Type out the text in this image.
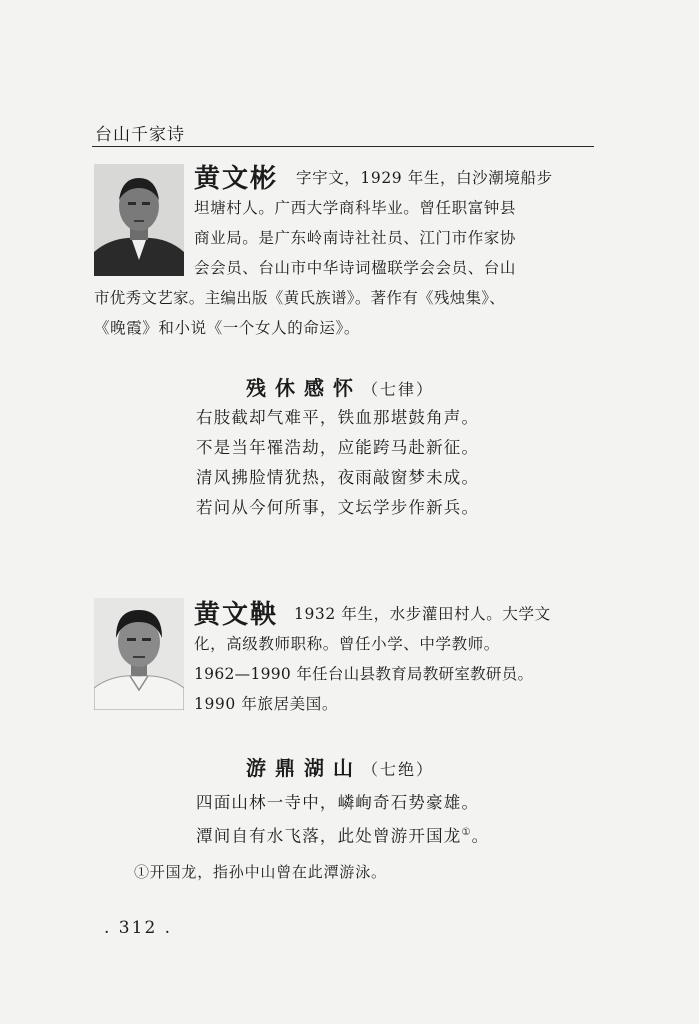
台山千家诗
黄文彬 字宇文，1929 年生，白沙潮境船步
坦塘村人。广西大学商科毕业。曾任职富钟县
商业局。是广东岭南诗社社员、江门市作家协
会会员、台山市中华诗词楹联学会会员、台山
市优秀文艺家。主编出版《黄氏族谱》。著作有《残烛集》、
《晚霞》和小说《一个女人的命运》。
残休感怀（七律）
右肢截却气难平，铁血那堪鼓角声。
不是当年罹浩劫，应能跨马赴新征。
清风拂脸情犹热，夜雨敲窗梦未成。
若问从今何所事，文坛学步作新兵。
黄文鞅 1932 年生，水步灌田村人。大学文
化，高级教师职称。曾任小学、中学教师。
1962—1990 年任台山县教育局教研室教研员。
1990 年旅居美国。
游鼎湖山（七绝）
四面山林一寺中，嶙峋奇石势豪雄。
潭间自有水飞落，此处曾游开国龙①。
①开国龙，指孙中山曾在此潭游泳。
. 312 .
